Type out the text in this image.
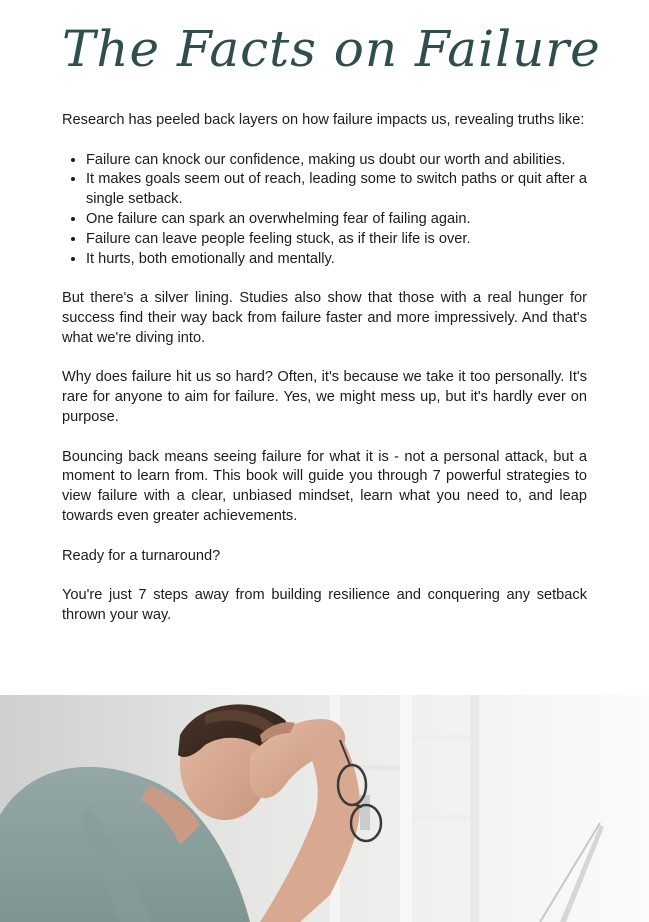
The Facts on Failure

Research has peeled back layers on how failure impacts us, revealing truths like:

• Failure can knock our confidence, making us doubt our worth and abilities.
• It makes goals seem out of reach, leading some to switch paths or quit after a single setback.
• One failure can spark an overwhelming fear of failing again.
• Failure can leave people feeling stuck, as if their life is over.
• It hurts, both emotionally and mentally.

But there's a silver lining. Studies also show that those with a real hunger for success find their way back from failure faster and more impressively. And that's what we're diving into.

Why does failure hit us so hard? Often, it's because we take it too personally. It's rare for anyone to aim for failure. Yes, we might mess up, but it's hardly ever on purpose.

Bouncing back means seeing failure for what it is - not a personal attack, but a moment to learn from. This book will guide you through 7 powerful strategies to view failure with a clear, unbiased mindset, learn what you need to, and leap towards even greater achievements.

Ready for a turnaround?

You're just 7 steps away from building resilience and conquering any setback thrown your way.
